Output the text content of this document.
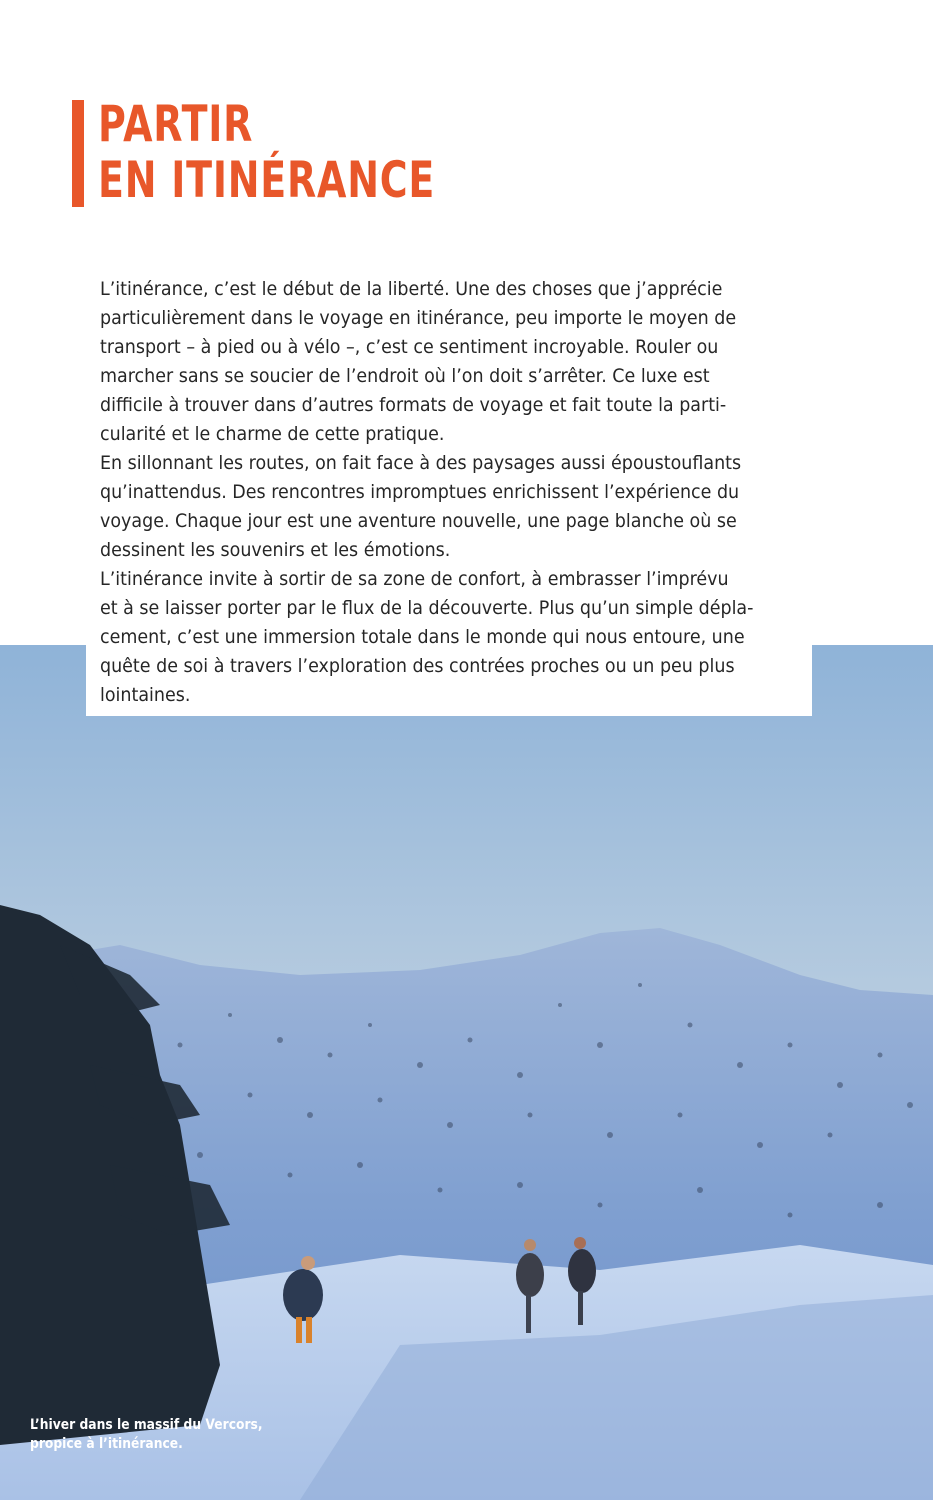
PARTIR
EN ITINÉRANCE

L’itinérance, c’est le début de la liberté. Une des choses que j’apprécie
particulièrement dans le voyage en itinérance, peu importe le moyen de
transport – à pied ou à vélo –, c’est ce sentiment incroyable. Rouler ou
marcher sans se soucier de l’endroit où l’on doit s’arrêter. Ce luxe est
difficile à trouver dans d’autres formats de voyage et fait toute la parti-
cularité et le charme de cette pratique.

En sillonnant les routes, on fait face à des paysages aussi époustouflants
qu’inattendus. Des rencontres impromptues enrichissent l’expérience du
voyage. Chaque jour est une aventure nouvelle, une page blanche où se
dessinent les souvenirs et les émotions.

L’itinérance invite à sortir de sa zone de confort, à embrasser l’imprévu
et à se laisser porter par le flux de la découverte. Plus qu’un simple dépla-
cement, c’est une immersion totale dans le monde qui nous entoure, une
quête de soi à travers l’exploration des contrées proches ou un peu plus
lointaines.

L’hiver dans le massif du Vercors,
propice à l’itinérance.
